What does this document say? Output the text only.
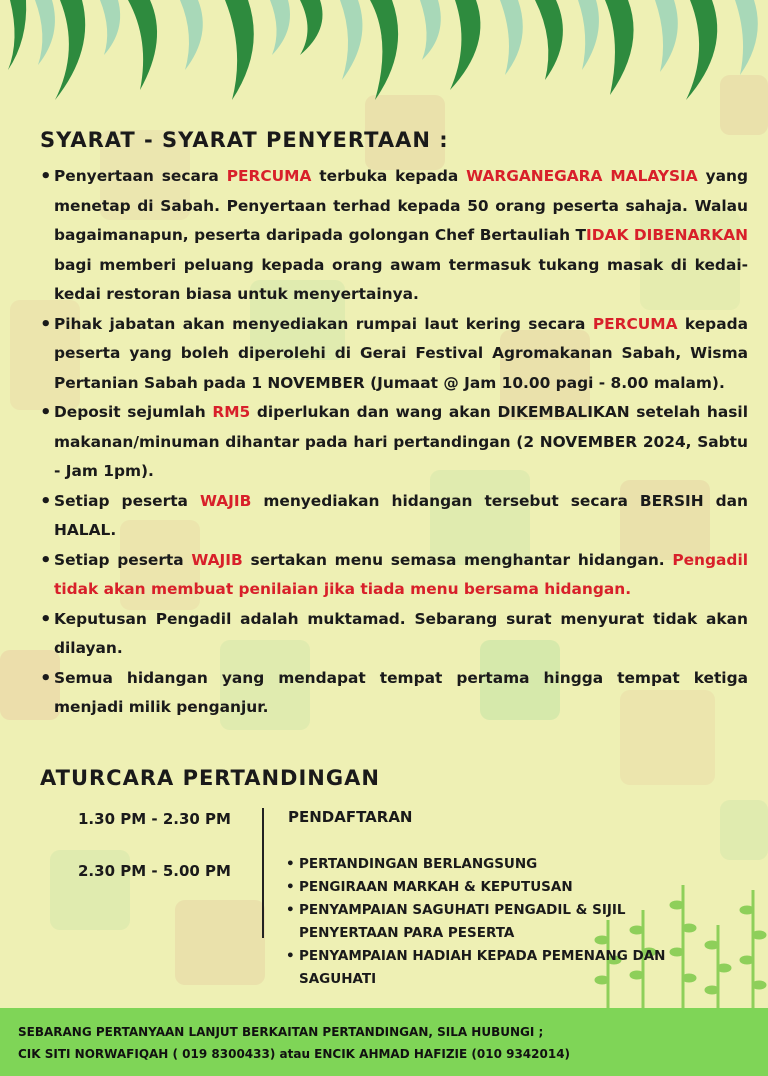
SYARAT - SYARAT PENYERTAAN :
• Penyertaan secara PERCUMA terbuka kepada WARGANEGARA MALAYSIA yang menetap di Sabah. Penyertaan terhad kepada 50 orang peserta sahaja. Walau bagaimanapun, peserta daripada golongan Chef Bertauliah TIDAK DIBENARKAN bagi memberi peluang kepada orang awam termasuk tukang masak di kedai-kedai restoran biasa untuk menyertainya.
• Pihak jabatan akan menyediakan rumpai laut kering secara PERCUMA kepada peserta yang boleh diperolehi di Gerai Festival Agromakanan Sabah, Wisma Pertanian Sabah pada 1 NOVEMBER (Jumaat @ Jam 10.00 pagi - 8.00 malam).
• Deposit sejumlah RM5 diperlukan dan wang akan DIKEMBALIKAN setelah hasil makanan/minuman dihantar pada hari pertandingan (2 NOVEMBER 2024, Sabtu - Jam 1pm).
• Setiap peserta WAJIB menyediakan hidangan tersebut secara BERSIH dan HALAL.
• Setiap peserta WAJIB sertakan menu semasa menghantar hidangan. Pengadil tidak akan membuat penilaian jika tiada menu bersama hidangan.
• Keputusan Pengadil adalah muktamad. Sebarang surat menyurat tidak akan dilayan.
• Semua hidangan yang mendapat tempat pertama hingga tempat ketiga menjadi milik penganjur.
ATURCARA PERTANDINGAN
1.30 PM - 2.30 PM
2.30 PM - 5.00 PM
PENDAFTARAN
• PERTANDINGAN BERLANGSUNG
• PENGIRAAN MARKAH & KEPUTUSAN
• PENYAMPAIAN SAGUHATI PENGADIL & SIJIL PENYERTAAN PARA PESERTA
• PENYAMPAIAN HADIAH KEPADA PEMENANG DAN SAGUHATI
SEBARANG PERTANYAAN LANJUT BERKAITAN PERTANDINGAN, SILA HUBUNGI ;
CIK SITI NORWAFIQAH ( 019 8300433) atau ENCIK AHMAD HAFIZIE (010 9342014)
